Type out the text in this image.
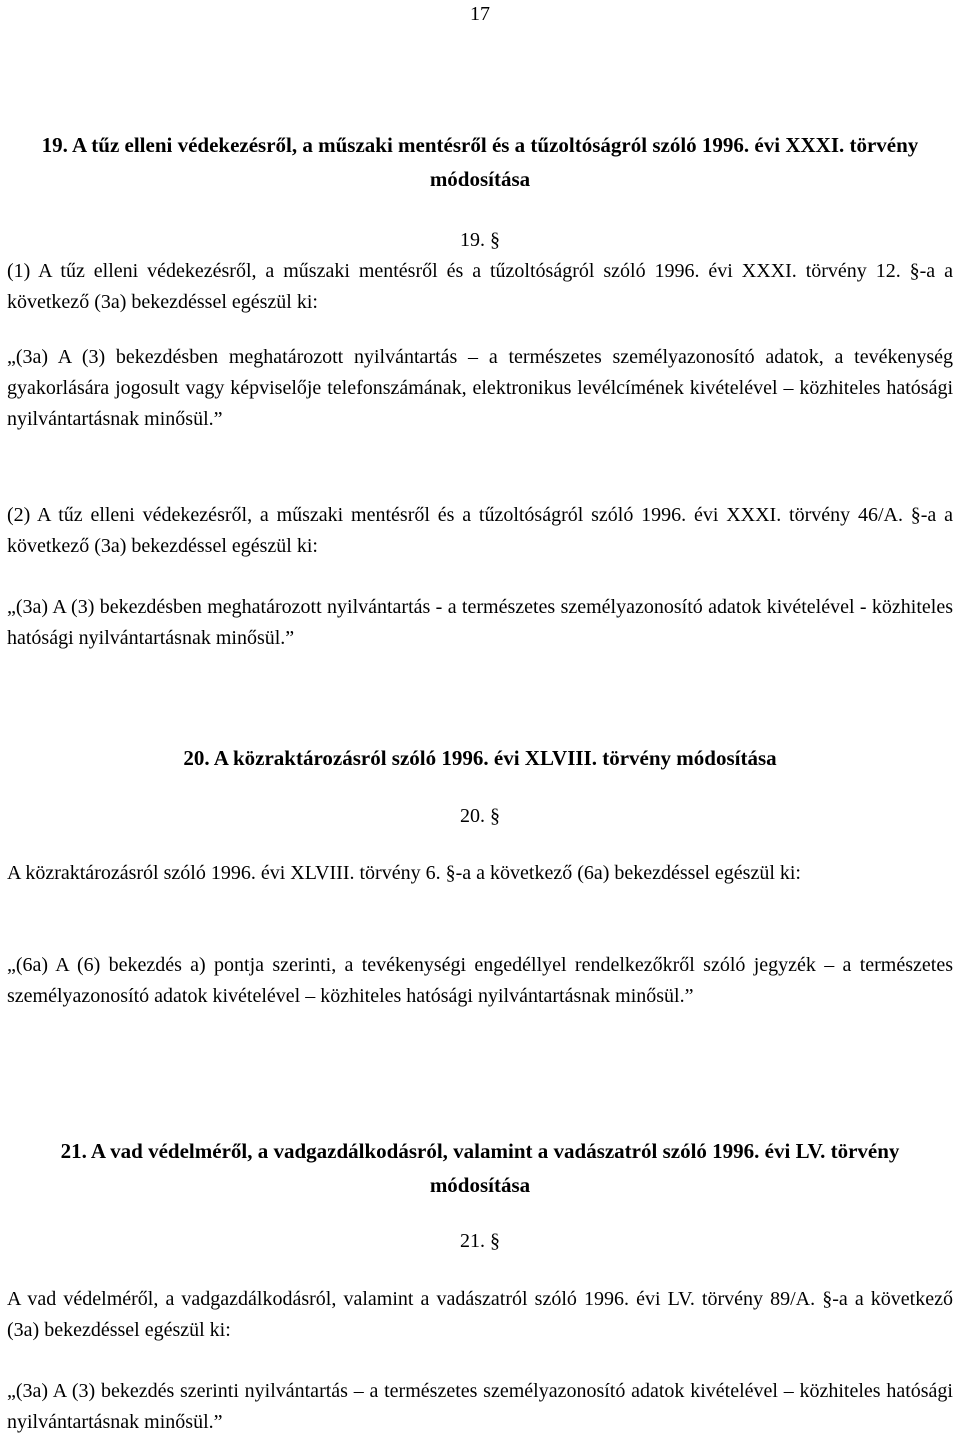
17

19. A tűz elleni védekezésről, a műszaki mentésről és a tűzoltóságról szóló 1996. évi XXXI. törvény módosítása

19. §

(1) A tűz elleni védekezésről, a műszaki mentésről és a tűzoltóságról szóló 1996. évi XXXI. törvény 12. §-a a következő (3a) bekezdéssel egészül ki:

„(3a) A (3) bekezdésben meghatározott nyilvántartás – a természetes személyazonosító adatok, a tevékenység gyakorlására jogosult vagy képviselője telefonszámának, elektronikus levélcímének kivételével – közhiteles hatósági nyilvántartásnak minősül.”

(2) A tűz elleni védekezésről, a műszaki mentésről és a tűzoltóságról szóló 1996. évi XXXI. törvény 46/A. §-a a következő (3a) bekezdéssel egészül ki:

„(3a) A (3) bekezdésben meghatározott nyilvántartás - a természetes személyazonosító adatok kivételével - közhiteles hatósági nyilvántartásnak minősül.”

20. A közraktározásról szóló 1996. évi XLVIII. törvény módosítása

20. §

A közraktározásról szóló 1996. évi XLVIII. törvény 6. §-a a következő (6a) bekezdéssel egészül ki:

„(6a) A (6) bekezdés a) pontja szerinti, a tevékenységi engedéllyel rendelkezőkről szóló jegyzék – a természetes személyazonosító adatok kivételével – közhiteles hatósági nyilvántartásnak minősül.”

21. A vad védelméről, a vadgazdálkodásról, valamint a vadászatról szóló 1996. évi LV. törvény módosítása

21. §

A vad védelméről, a vadgazdálkodásról, valamint a vadászatról szóló 1996. évi LV. törvény 89/A. §-a a következő (3a) bekezdéssel egészül ki:

„(3a) A (3) bekezdés szerinti nyilvántartás – a természetes személyazonosító adatok kivételével – közhiteles hatósági nyilvántartásnak minősül.”
